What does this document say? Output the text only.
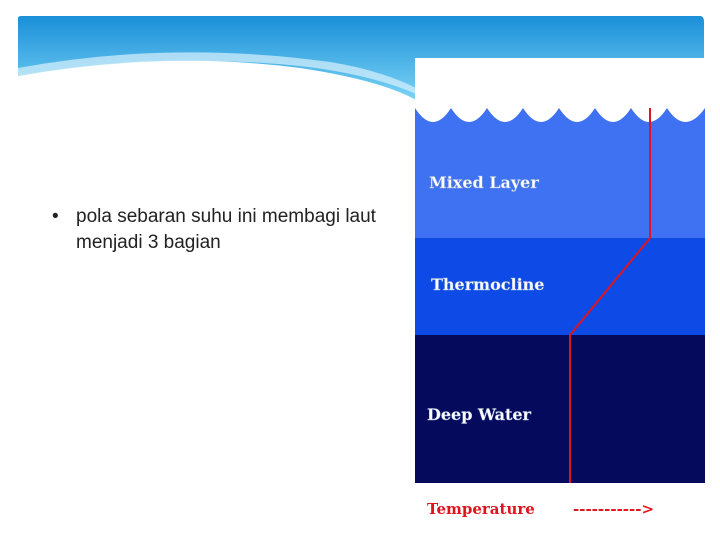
• pola sebaran suhu ini membagi laut menjadi 3 bagian
Mixed Layer
Thermocline
Deep Water
Temperature	----------->
